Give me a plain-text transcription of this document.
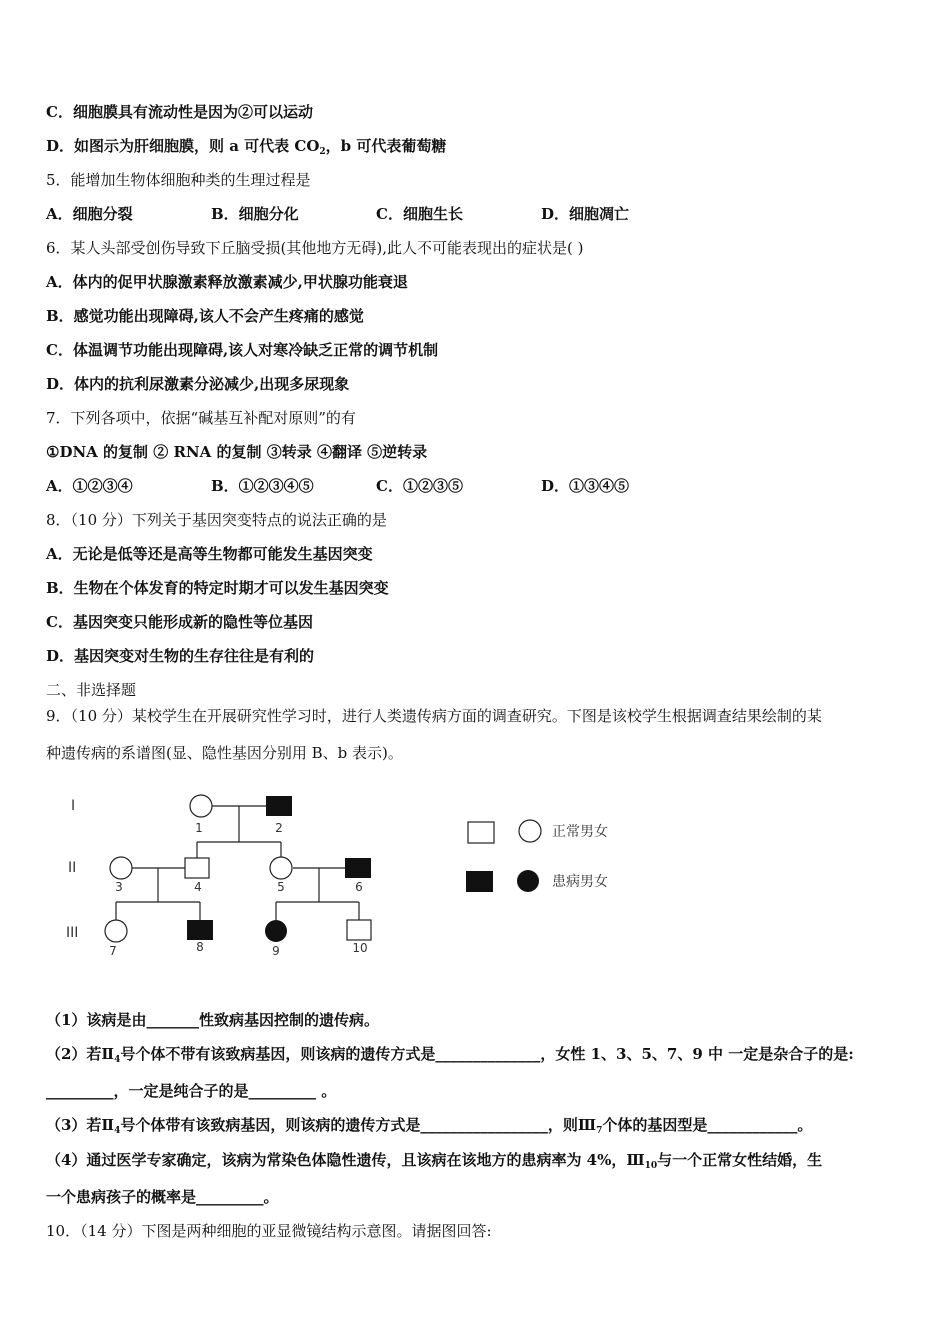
C．细胞膜具有流动性是因为②可以运动
D．如图示为肝细胞膜，则 a 可代表 $CO_2$，b 可代表葡萄糖
5．能增加生物体细胞种类的生理过程是
A．细胞分裂	B．细胞分化	C．细胞生长	D．细胞凋亡
6．某人头部受创伤导致下丘脑受损(其他地方无碍),此人不可能表现出的症状是( )
A．体内的促甲状腺激素释放激素减少,甲状腺功能衰退
B．感觉功能出现障碍,该人不会产生疼痛的感觉
C．体温调节功能出现障碍,该人对寒冷缺乏正常的调节机制
D．体内的抗利尿激素分泌减少,出现多尿现象
7．下列各项中，依据“碱基互补配对原则”的有
①DNA 的复制 ② RNA 的复制 ③转录 ④翻译 ⑤逆转录
A．①②③④	B．①②③④⑤	C．①②③⑤	D．①③④⑤
8．（10 分）下列关于基因突变特点的说法正确的是
A．无论是低等还是高等生物都可能发生基因突变
B．生物在个体发育的特定时期才可以发生基因突变
C．基因突变只能形成新的隐性等位基因
D．基因突变对生物的生存往往是有利的
二、非选择题
9．（10 分）某校学生在开展研究性学习时，进行人类遗传病方面的调查研究。下图是该校学生根据调查结果绘制的某
种遗传病的系谱图(显、隐性基因分别用 B、b 表示)。
I
II
III
1	2
3	4	5	6
7	8	9	10
正常男女
患病男女
（1）该病是由_______性致病基因控制的遗传病。
（2）若$Ⅱ_4$号个体不带有该致病基因，则该病的遗传方式是______________，女性 1、3、5、7、9 中 一定是杂合子的是:
_________，一定是纯合子的是_________ 。
（3）若$Ⅱ_4$号个体带有该致病基因，则该病的遗传方式是_________________，则$Ⅲ_7$个体的基因型是____________。
（4）通过医学专家确定，该病为常染色体隐性遗传，且该病在该地方的患病率为 4%，$Ⅲ_{10}$与一个正常女性结婚，生
一个患病孩子的概率是_________。
10．（14 分）下图是两种细胞的亚显微镜结构示意图。请据图回答:
